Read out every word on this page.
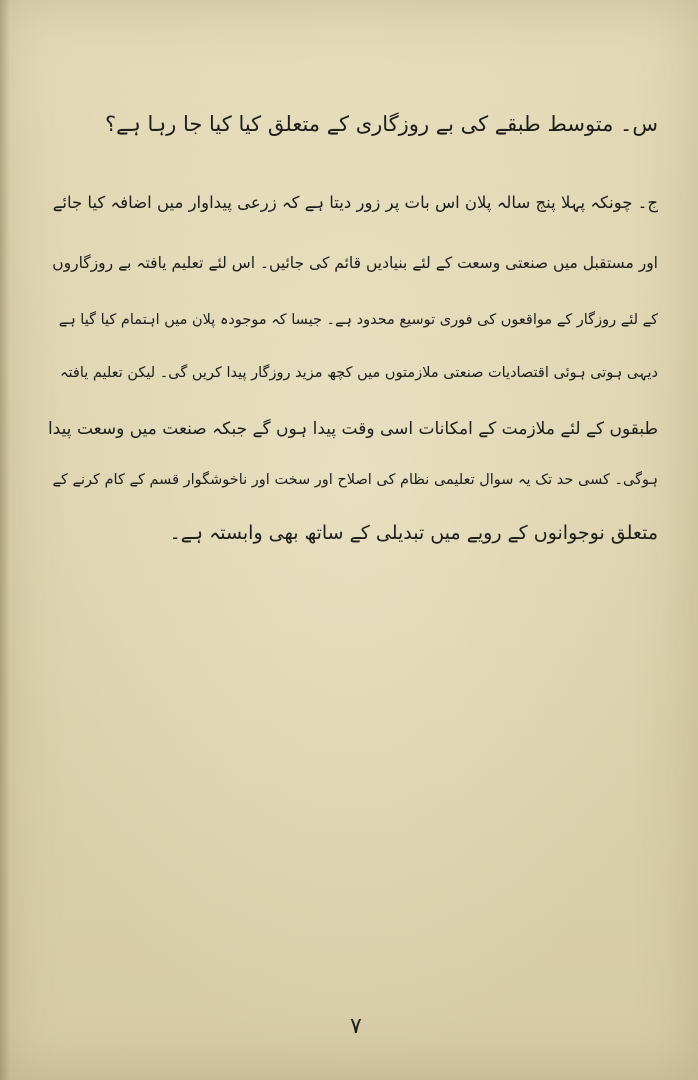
س۔ متوسط طبقے کی بے روزگاری کے متعلق کیا کیا جا رہا ہے؟
ج۔ چونکہ پہلا پنج سالہ پلان اس بات پر زور دیتا ہے کہ زرعی پیداوار میں اضافہ کیا جائے
اور مستقبل میں صنعتی وسعت کے لئے بنیادیں قائم کی جائیں۔ اس لئے تعلیم یافتہ بے روزگاروں
کے لئے روزگار کے مواقعوں کی فوری توسیع محدود ہے۔ جیسا کہ موجودہ پلان میں اہتمام کیا گیا ہے
دیہی ہوتی ہوئی اقتصادیات صنعتی ملازمتوں میں کچھ مزید روزگار پیدا کریں گی۔ لیکن تعلیم یافتہ
طبقوں کے لئے ملازمت کے امکانات اسی وقت پیدا ہوں گے جبکہ صنعت میں وسعت پیدا
ہوگی۔ کسی حد تک یہ سوال تعلیمی نظام کی اصلاح اور سخت اور ناخوشگوار قسم کے کام کرنے کے
متعلق نوجوانوں کے رویے میں تبدیلی کے ساتھ بھی وابستہ ہے۔
۷
